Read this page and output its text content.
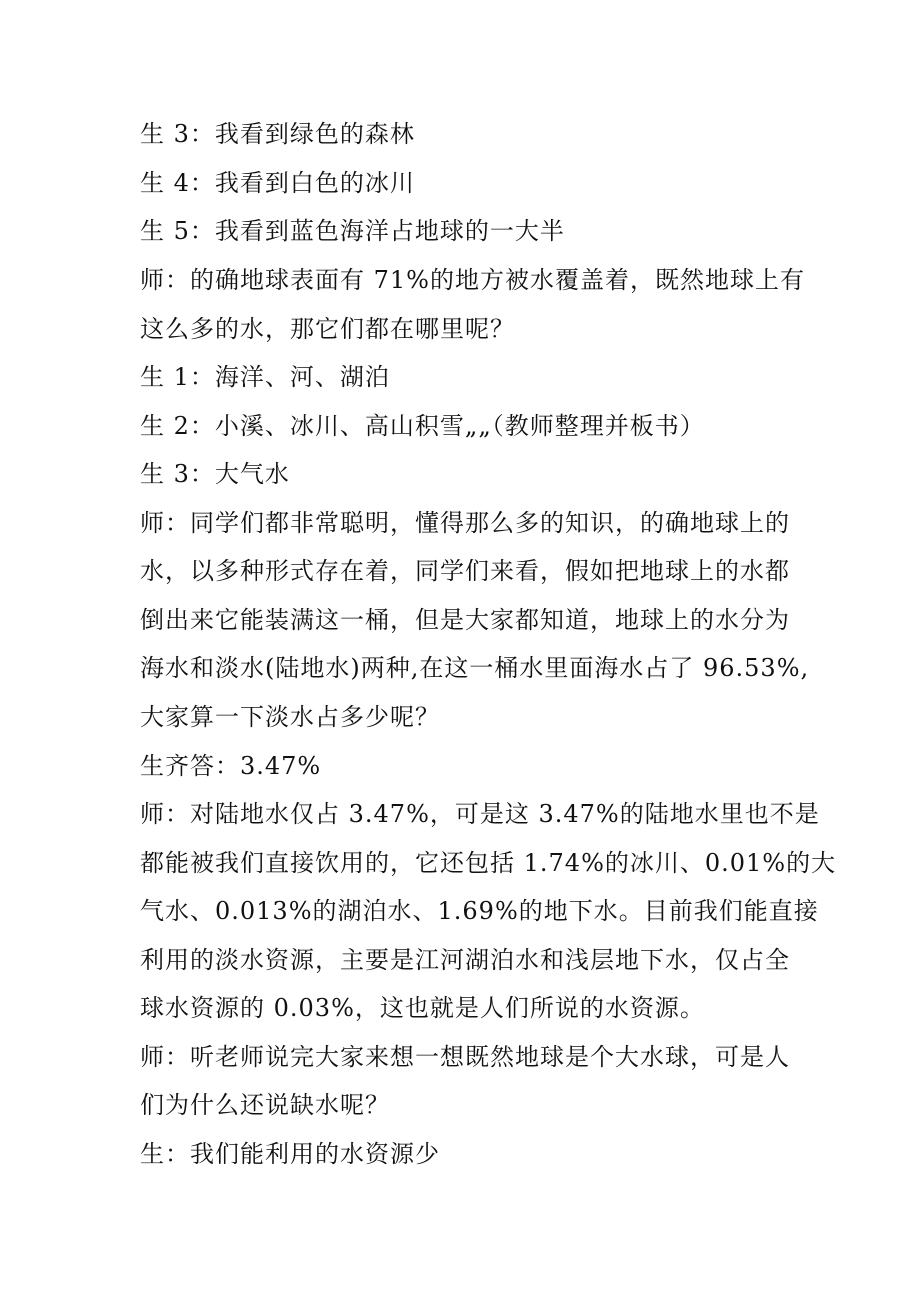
生 3：我看到绿色的森林
生 4：我看到白色的冰川
生 5：我看到蓝色海洋占地球的一大半
师：的确地球表面有 71%的地方被水覆盖着，既然地球上有
这么多的水，那它们都在哪里呢？
生 1：海洋、河、湖泊
生 2：小溪、冰川、高山积雪„„（教师整理并板书）
生 3：大气水
师：同学们都非常聪明，懂得那么多的知识，的确地球上的
水，以多种形式存在着，同学们来看，假如把地球上的水都
倒出来它能装满这一桶，但是大家都知道，地球上的水分为
海水和淡水(陆地水)两种,在这一桶水里面海水占了 96.53%,
大家算一下淡水占多少呢？
生齐答：3.47%
师：对陆地水仅占 3.47%，可是这 3.47%的陆地水里也不是
都能被我们直接饮用的，它还包括 1.74%的冰川、0.01%的大
气水、0.013%的湖泊水、1.69%的地下水。目前我们能直接
利用的淡水资源，主要是江河湖泊水和浅层地下水，仅占全
球水资源的 0.03%，这也就是人们所说的水资源。
师：听老师说完大家来想一想既然地球是个大水球，可是人
们为什么还说缺水呢？
生：我们能利用的水资源少
